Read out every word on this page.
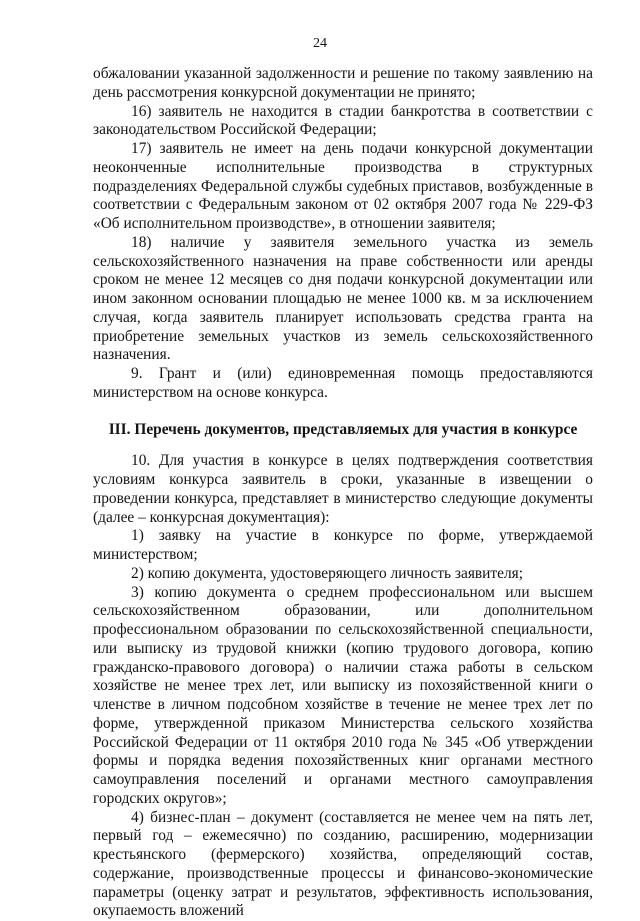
24

обжаловании указанной задолженности и решение по такому заявлению на день рассмотрения конкурсной документации не принято;

16) заявитель не находится в стадии банкротства в соответствии с законодательством Российской Федерации;

17) заявитель не имеет на день подачи конкурсной документации неоконченные исполнительные производства в структурных подразделениях Федеральной службы судебных приставов, возбужденные в соответствии с Федеральным законом от 02 октября 2007 года № 229-ФЗ «Об исполнительном производстве», в отношении заявителя;

18) наличие у заявителя земельного участка из земель сельскохозяйственного назначения на праве собственности или аренды сроком не менее 12 месяцев со дня подачи конкурсной документации или ином законном основании площадью не менее 1000 кв. м за исключением случая, когда заявитель планирует использовать средства гранта на приобретение земельных участков из земель сельскохозяйственного назначения.

9. Грант и (или) единовременная помощь предоставляются министерством на основе конкурса.

III. Перечень документов, представляемых для участия в конкурсе

10. Для участия в конкурсе в целях подтверждения соответствия условиям конкурса заявитель в сроки, указанные в извещении о проведении конкурса, представляет в министерство следующие документы (далее – конкурсная документация):

1) заявку на участие в конкурсе по форме, утверждаемой министерством;

2) копию документа, удостоверяющего личность заявителя;

3) копию документа о среднем профессиональном или высшем сельскохозяйственном образовании, или дополнительном профессиональном образовании по сельскохозяйственной специальности, или выписку из трудовой книжки (копию трудового договора, копию гражданско-правового договора) о наличии стажа работы в сельском хозяйстве не менее трех лет, или выписку из похозяйственной книги о членстве в личном подсобном хозяйстве в течение не менее трех лет по форме, утвержденной приказом Министерства сельского хозяйства Российской Федерации от 11 октября 2010 года № 345 «Об утверждении формы и порядка ведения похозяйственных книг органами местного самоуправления поселений и органами местного самоуправления городских округов»;

4) бизнес-план – документ (составляется не менее чем на пять лет, первый год – ежемесячно) по созданию, расширению, модернизации крестьянского (фермерского) хозяйства, определяющий состав, содержание, производственные процессы и финансово-экономические параметры (оценку затрат и результатов, эффективность использования, окупаемость вложений
